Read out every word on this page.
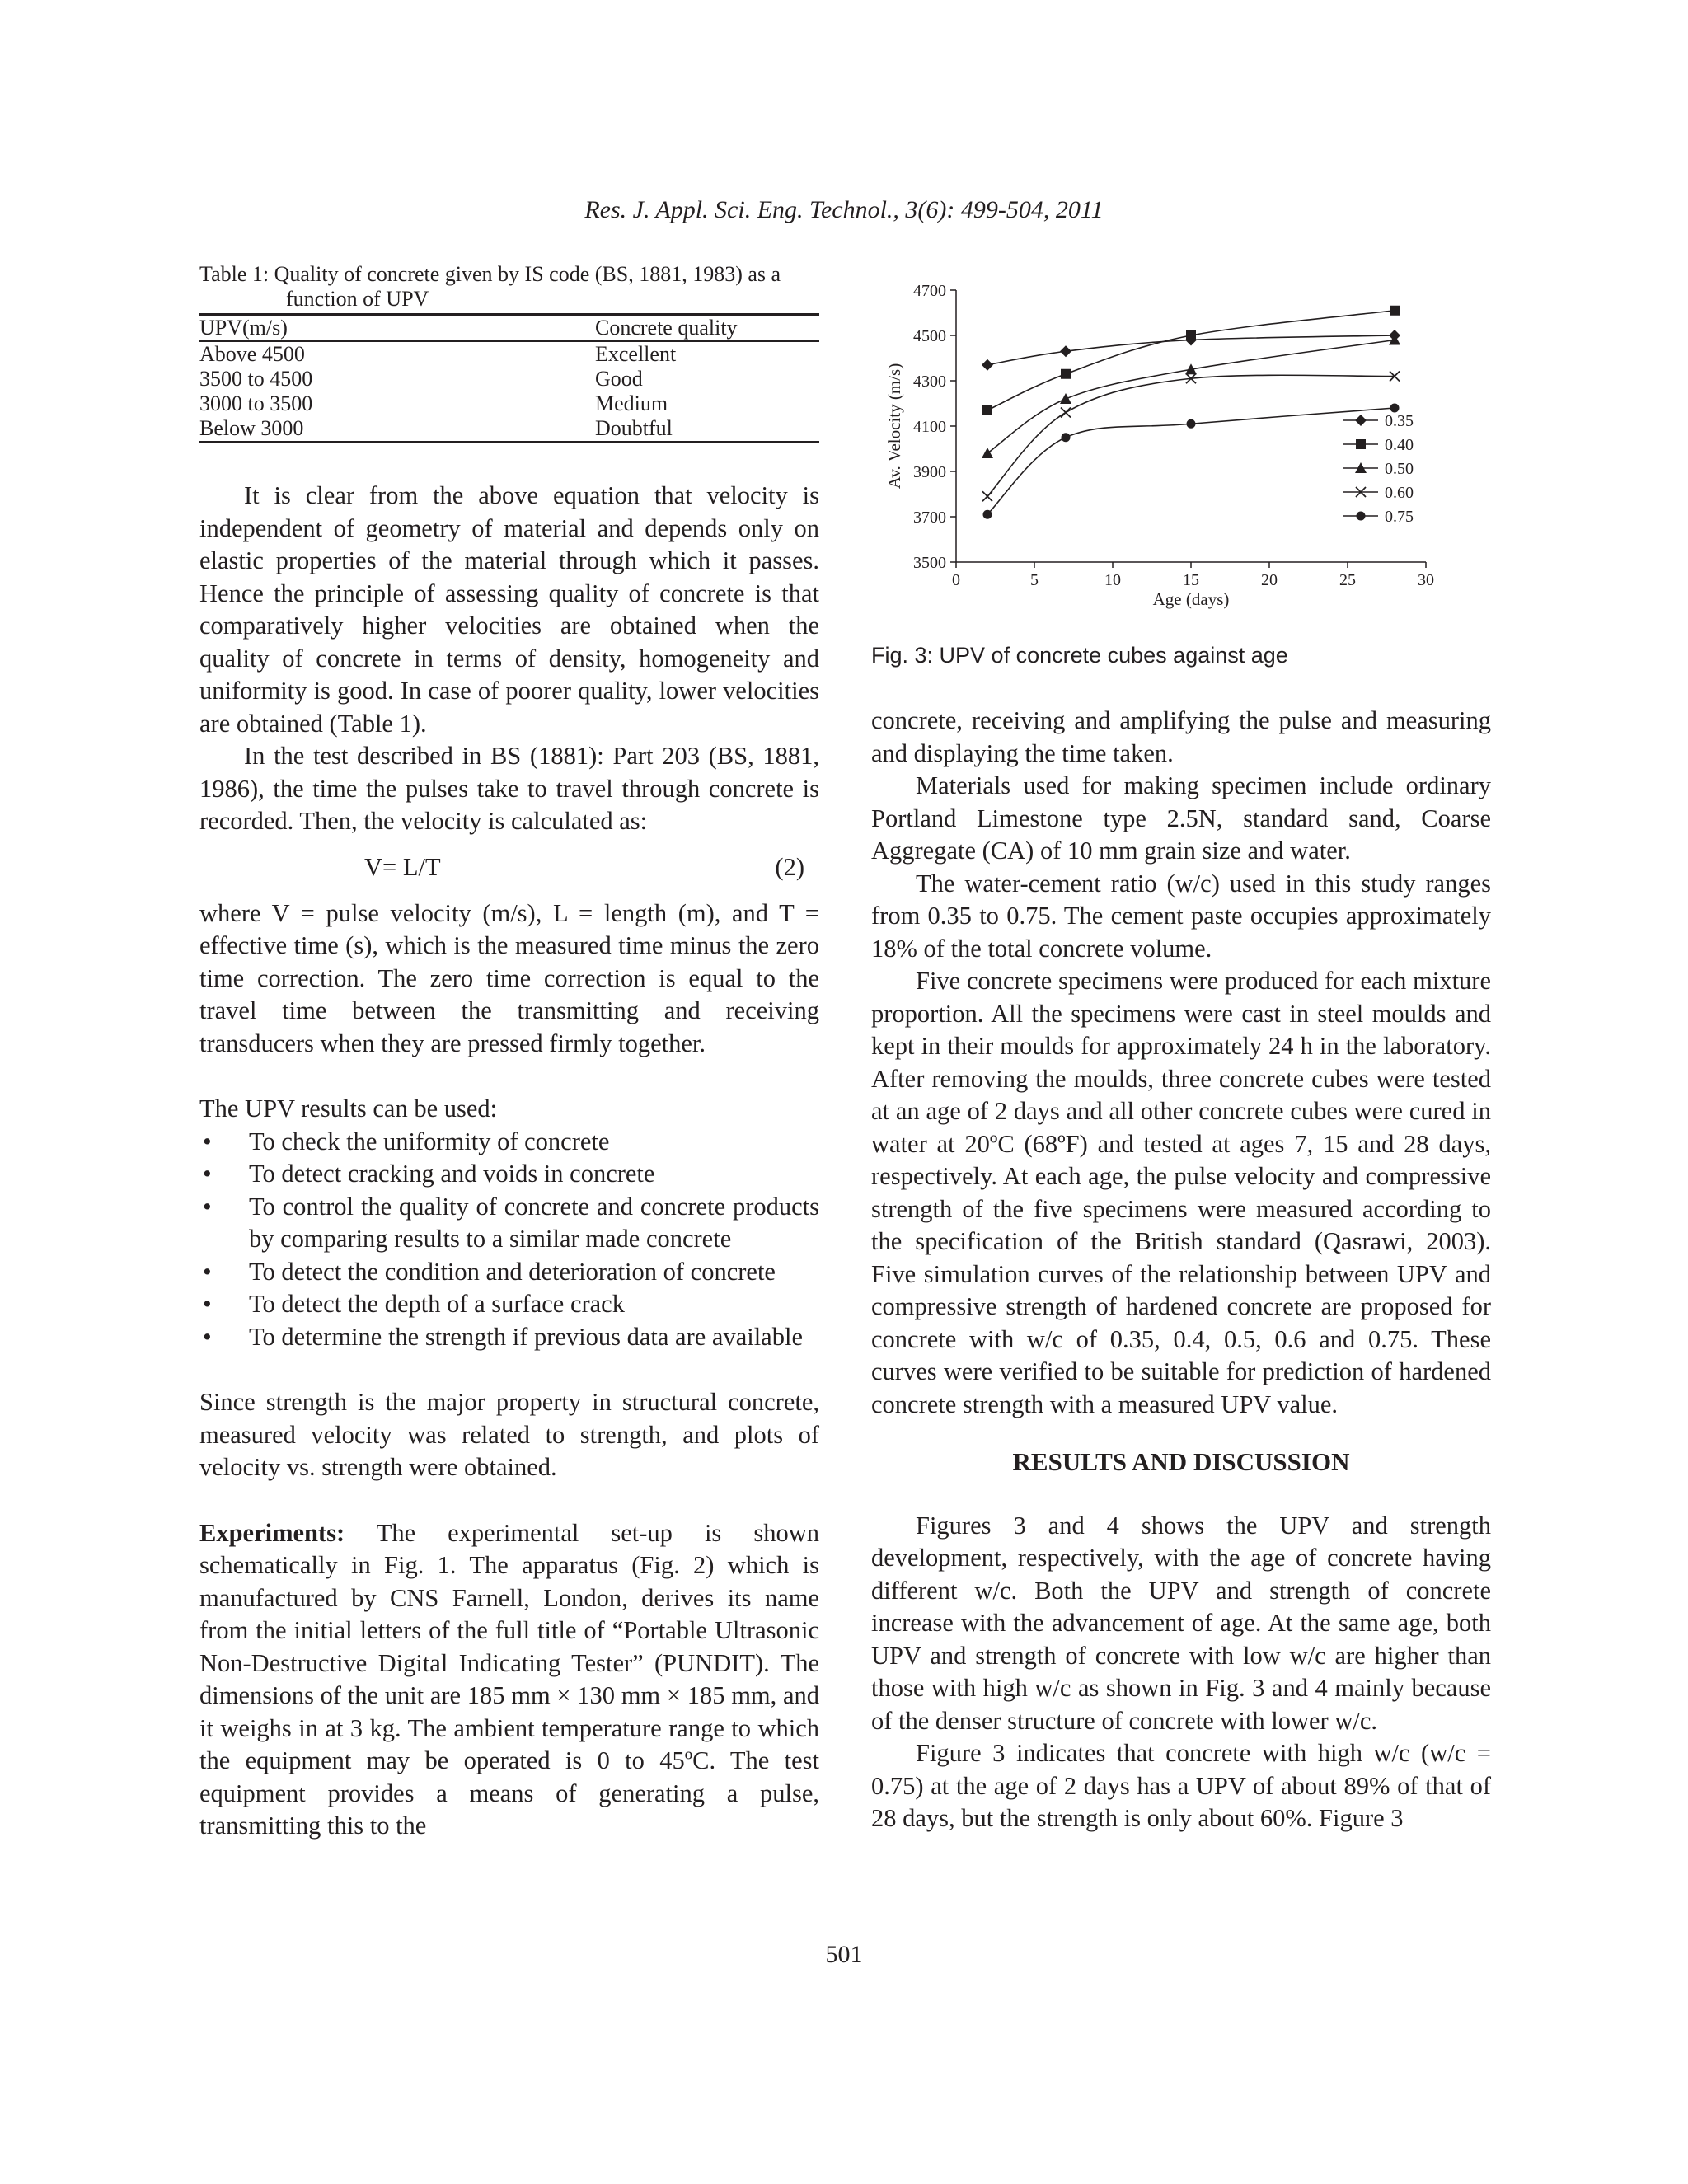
Res. J. Appl. Sci. Eng. Technol., 3(6): 499-504, 2011
Table 1: Quality of concrete given by IS code (BS, 1881, 1983) as a
function of UPV
UPV(m/s)	Concrete quality
Above 4500	Excellent
3500 to 4500	Good
3000 to 3500	Medium
Below 3000	Doubtful

It is clear from the above equation that velocity is independent of geometry of material and depends only on elastic properties of the material through which it passes. Hence the principle of assessing quality of concrete is that comparatively higher velocities are obtained when the quality of concrete in terms of density, homogeneity and uniformity is good. In case of poorer quality, lower velocities are obtained (Table 1).

In the test described in BS (1881): Part 203 (BS, 1881, 1986), the time the pulses take to travel through concrete is recorded. Then, the velocity is calculated as:

V= L/T	(2)

where V = pulse velocity (m/s), L = length (m), and T = effective time (s), which is the measured time minus the zero time correction. The zero time correction is equal to the travel time between the transmitting and receiving transducers when they are pressed firmly together.

The UPV results can be used:

• To check the uniformity of concrete
• To detect cracking and voids in concrete
• To control the quality of concrete and concrete products by comparing results to a similar made concrete
• To detect the condition and deterioration of concrete
• To detect the depth of a surface crack
• To determine the strength if previous data are available

Since strength is the major property in structural concrete, measured velocity was related to strength, and plots of velocity vs. strength were obtained.

Experiments: The experimental set-up is shown schematically in Fig. 1. The apparatus (Fig. 2) which is manufactured by CNS Farnell, London, derives its name from the initial letters of the full title of “Portable Ultrasonic Non-Destructive Digital Indicating Tester” (PUNDIT). The dimensions of the unit are 185 mm × 130 mm × 185 mm, and it weighs in at 3 kg. The ambient temperature range to which the equipment may be operated is 0 to 45ºC. The test equipment provides a means of generating a pulse, transmitting this to the

3500
3700
3900
4100
4300
4500
4700
0	5	10	15	20	25	30
Age (days)
Av. Velocity (m/s)	0.35
0.40
0.50
0.60
0.75
Fig. 3: UPV of concrete cubes against age

concrete, receiving and amplifying the pulse and measuring and displaying the time taken.

Materials used for making specimen include ordinary Portland Limestone type 2.5N, standard sand, Coarse Aggregate (CA) of 10 mm grain size and water.

The water-cement ratio (w/c) used in this study ranges from 0.35 to 0.75. The cement paste occupies approximately 18% of the total concrete volume.

Five concrete specimens were produced for each mixture proportion. All the specimens were cast in steel moulds and kept in their moulds for approximately 24 h in the laboratory. After removing the moulds, three concrete cubes were tested at an age of 2 days and all other concrete cubes were cured in water at 20ºC (68ºF) and tested at ages 7, 15 and 28 days, respectively. At each age, the pulse velocity and compressive strength of the five specimens were measured according to the specification of the British standard (Qasrawi, 2003). Five simulation curves of the relationship between UPV and compressive strength of hardened concrete are proposed for concrete with w/c of 0.35, 0.4, 0.5, 0.6 and 0.75. These curves were verified to be suitable for prediction of hardened concrete strength with a measured UPV value.

RESULTS AND DISCUSSION

Figures 3 and 4 shows the UPV and strength development, respectively, with the age of concrete having different w/c. Both the UPV and strength of concrete increase with the advancement of age. At the same age, both UPV and strength of concrete with low w/c are higher than those with high w/c as shown in Fig. 3 and 4 mainly because of the denser structure of concrete with lower w/c.

Figure 3 indicates that concrete with high w/c (w/c = 0.75) at the age of 2 days has a UPV of about 89% of that of 28 days, but the strength is only about 60%. Figure 3

501
